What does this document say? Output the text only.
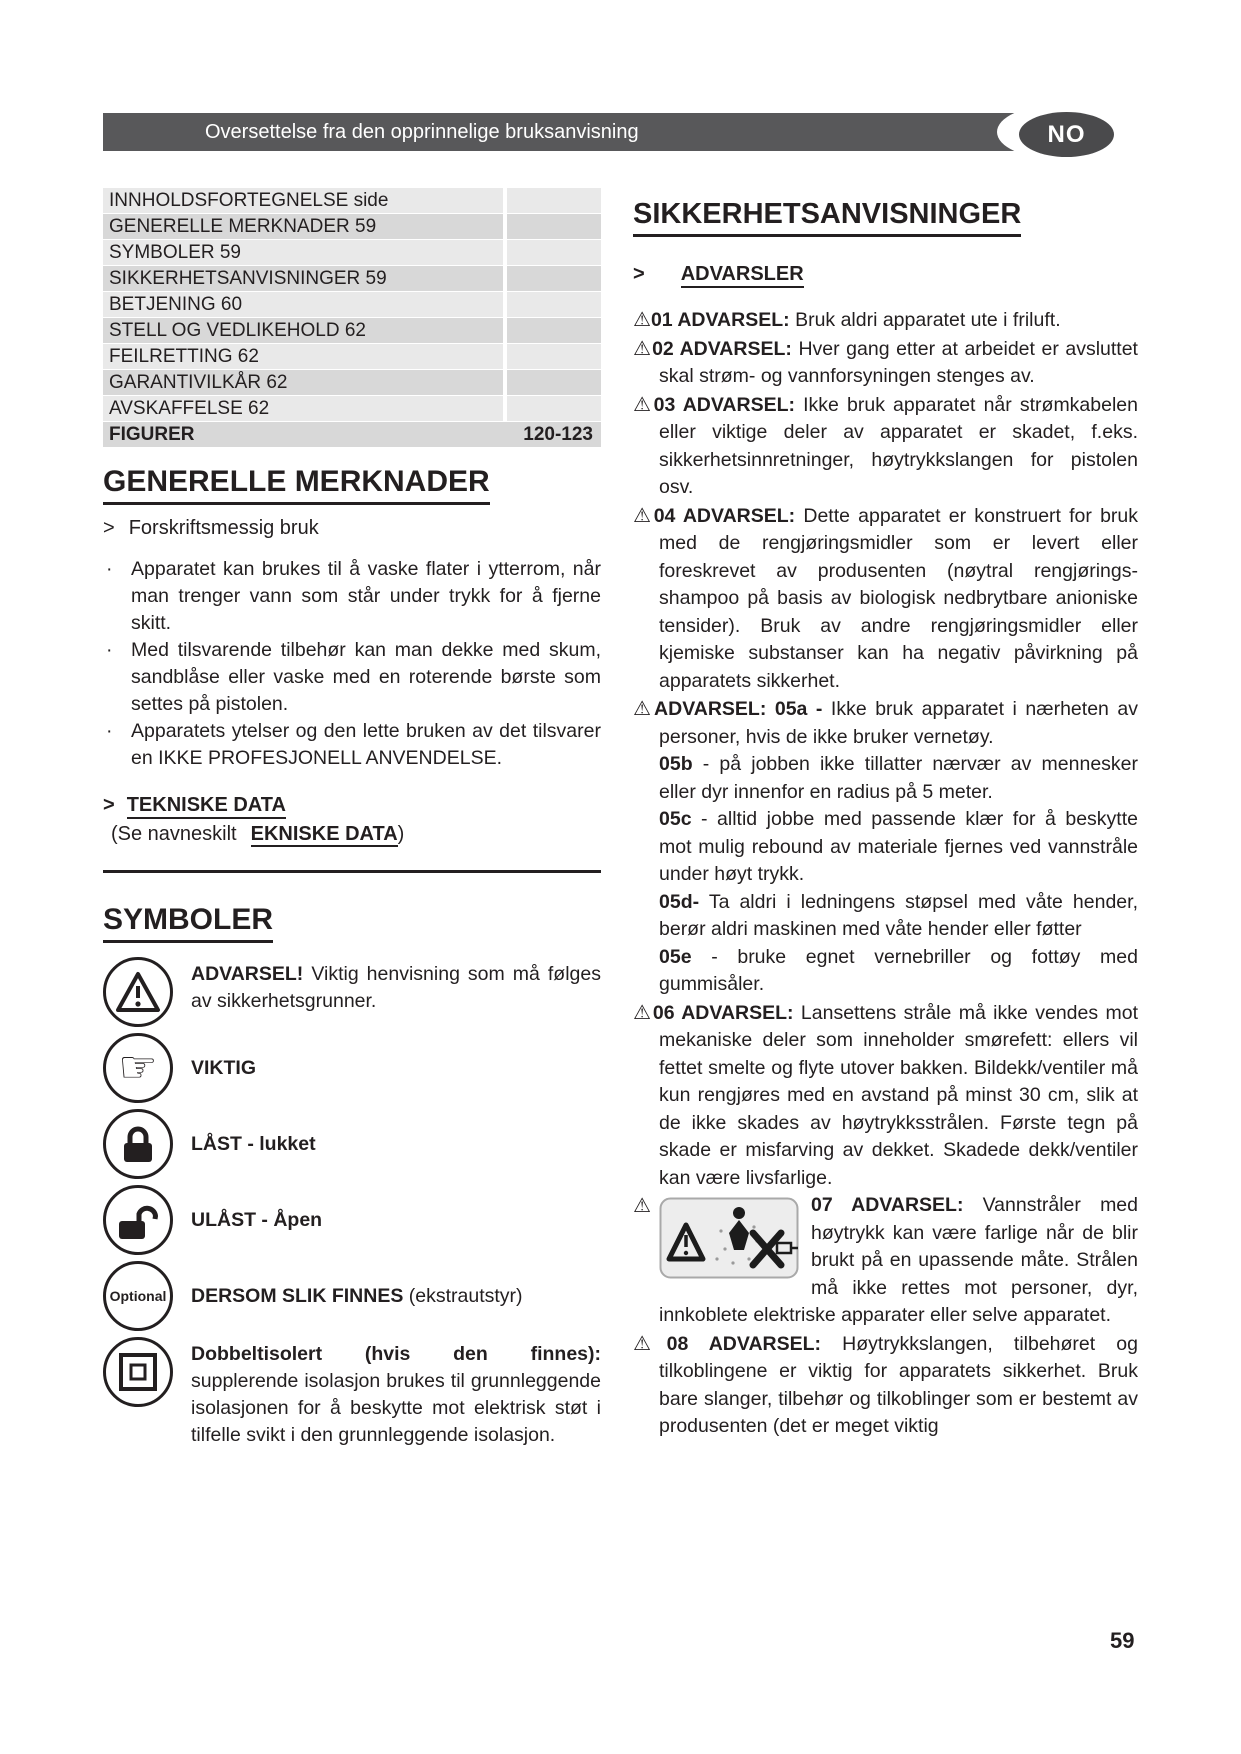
Oversettelse fra den opprinnelige bruksanvisning	NO
INNHOLDSFORTEGNELSE side
GENERELLE MERKNADER 59
SYMBOLER 59
SIKKERHETSANVISNINGER 59
BETJENING 60
STELL OG VEDLIKEHOLD 62
FEILRETTING 62
GARANTIVILKÅR 62
AVSKAFFELSE 62
FIGURER	120-123
GENERELLE MERKNADER
> Forskriftsmessig bruk
· Apparatet kan brukes til å vaske flater i ytterrom, når man trenger vann som står under trykk for å fjerne skitt.
· Med tilsvarende tilbehør kan man dekke med skum, sandblåse eller vaske med en roterende børste som settes på pistolen.
· Apparatets ytelser og den lette bruken av det tilsvarer en IKKE PROFESJONELL ANVENDELSE.
> TEKNISKE DATA
(Se navneskilt EKNISKE DATA)
SYMBOLER
ADVARSEL! Viktig henvisning som må følges av sikkerhetsgrunner.
☞ VIKTIG
LÅST - lukket
ULÅST - Åpen
Optional DERSOM SLIK FINNES (ekstrautstyr)
Dobbeltisolert (hvis den finnes): supplerende isolasjon brukes til grunnleggende isolasjonen for å beskytte mot elektrisk støt i tilfelle svikt i den grunnleggende isolasjon.
SIKKERHETSANVISNINGER
> ADVARSLER

⚠01 ADVARSEL: Bruk aldri apparatet ute i friluft.

⚠02 ADVARSEL: Hver gang etter at arbeidet er avsluttet skal strøm- og vannforsyningen stenges av.

⚠03 ADVARSEL: Ikke bruk apparatet når strømkabelen eller viktige deler av apparatet er skadet, f.eks. sikkerhetsinnretninger, høytrykkslangen for pistolen osv.

⚠04 ADVARSEL: Dette apparatet er konstruert for bruk med de rengjøringsmidler som er levert eller foreskrevet av produsenten (nøytral rengjørings-shampoo på basis av biologisk nedbrytbare anioniske tensider). Bruk av andre rengjøringsmidler eller kjemiske substanser kan ha negativ påvirkning på apparatets sikkerhet.

⚠ADVARSEL: 05a - Ikke bruk apparatet i nærheten av personer, hvis de ikke bruker vernetøy.

05b - på jobben ikke tillatter nærvær av mennesker eller dyr innenfor en radius på 5 meter.

05c - alltid jobbe med passende klær for å beskytte mot mulig rebound av materiale fjernes ved vannstråle under høyt trykk.

05d- Ta aldri i ledningens støpsel med våte hender, berør aldri maskinen med våte hender eller føtter

05e - bruke egnet vernebriller og fottøy med gummisåler.

⚠06 ADVARSEL: Lansettens stråle må ikke vendes mot mekaniske deler som inneholder smørefett: ellers vil fettet smelte og flyte utover bakken. Bildekk/ventiler må kun rengjøres med en avstand på minst 30 cm, slik at de ikke skades av høytrykksstrålen. Første tegn på skade er misfarving av dekket. Skadede dekk/ventiler kan være livsfarlige.

⚠	07 ADVARSEL: Vannstråler med høytrykk kan være farlige når de blir brukt på en upassende måte. Strålen må ikke rettes mot personer, dyr, innkoblete elektriske apparater eller selve apparatet.

⚠08 ADVARSEL: Høytrykkslangen, tilbehøret og tilkoblingene er viktig for apparatets sikkerhet. Bruk bare slanger, tilbehør og tilkoblinger som er bestemt av produsenten (det er meget viktig

59
